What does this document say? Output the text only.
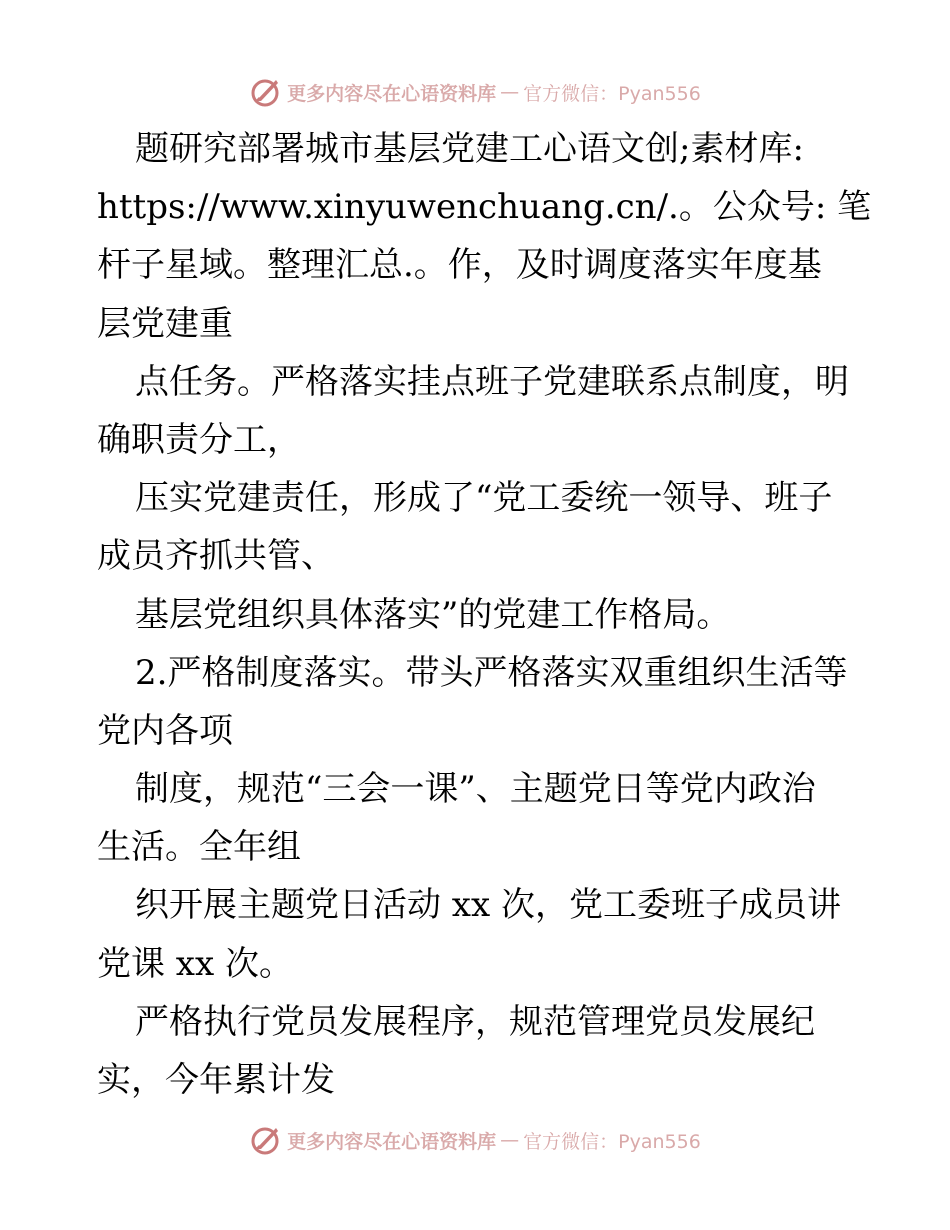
更多内容尽在心语资料库 — 官方微信：Pyan556
题研究部署城市基层党建工心语文创;素材库:
https://www.xinyuwenchuang.cn/.。公众号: 笔
杆子星域。整理汇总.。作，及时调度落实年度基
层党建重
点任务。严格落实挂点班子党建联系点制度，明
确职责分工，
压实党建责任，形成了“党工委统一领导、班子
成员齐抓共管、
基层党组织具体落实”的党建工作格局。
2.严格制度落实。带头严格落实双重组织生活等
党内各项
制度，规范“三会一课”、主题党日等党内政治
生活。全年组
织开展主题党日活动 xx 次，党工委班子成员讲
党课 xx 次。
严格执行党员发展程序，规范管理党员发展纪
实，今年累计发
更多内容尽在心语资料库 — 官方微信：Pyan556
